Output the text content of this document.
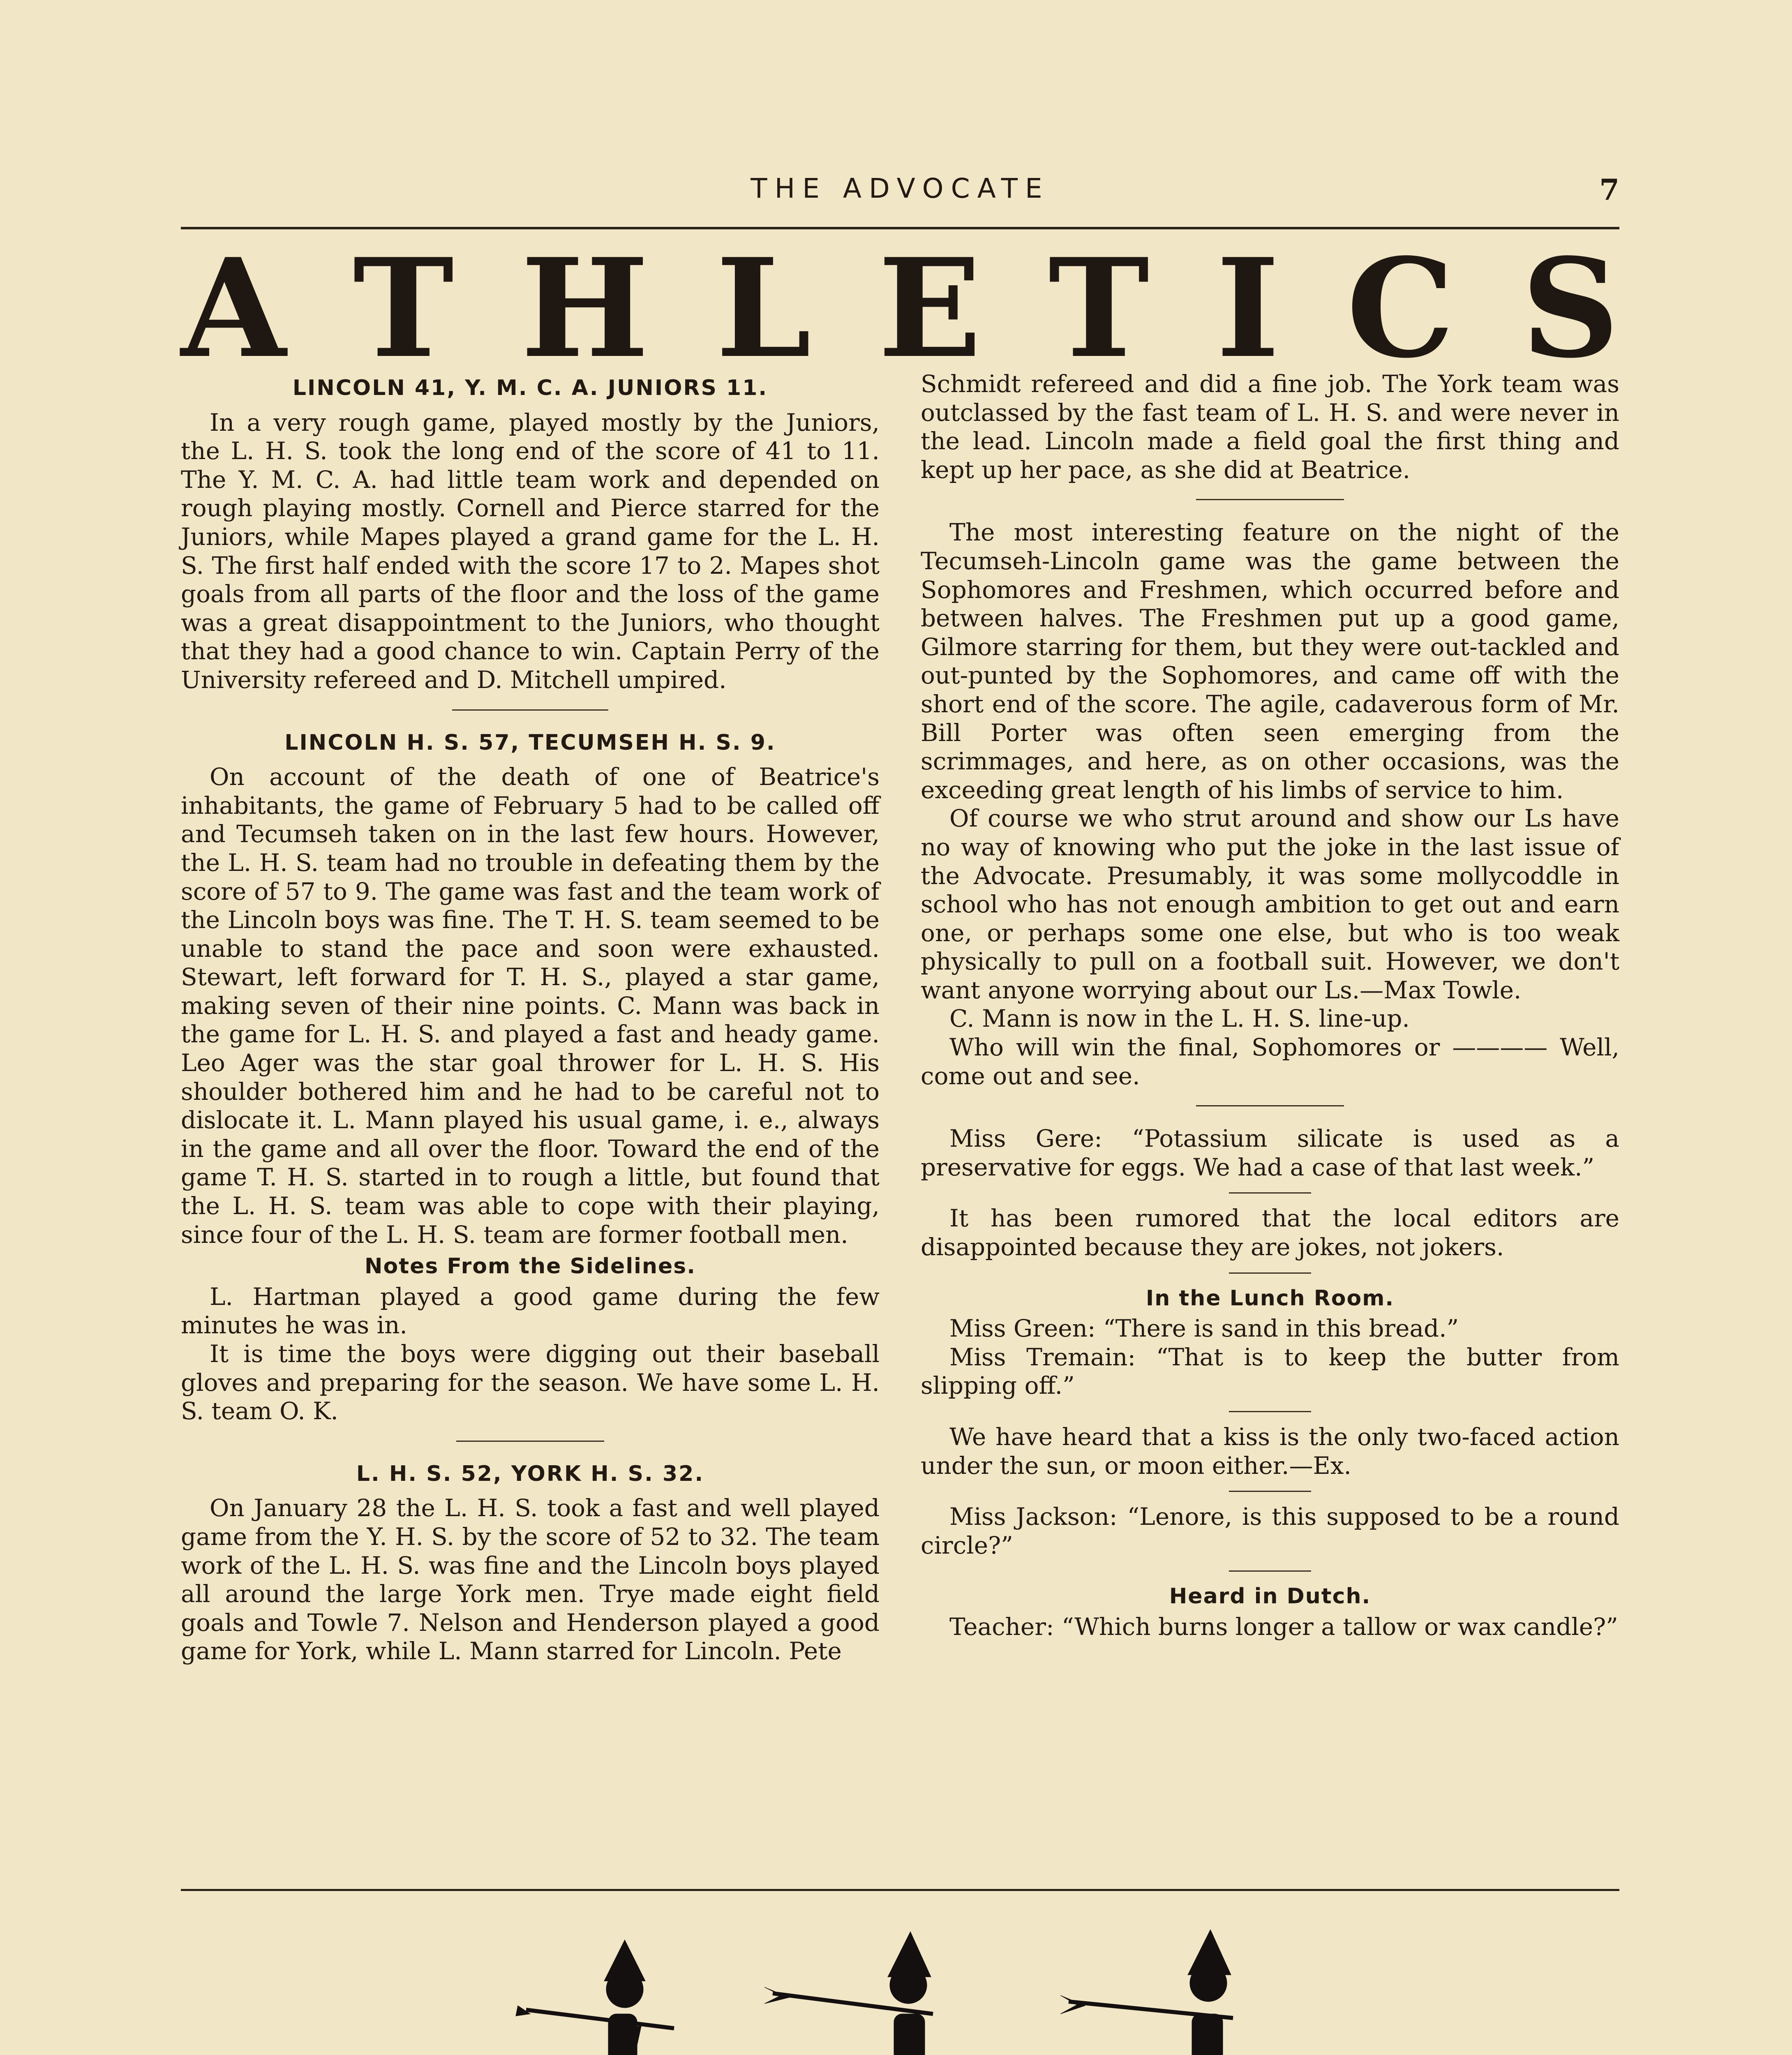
THE ADVOCATE	7
A T H L E T I C S
LINCOLN 41, Y. M. C. A. JUNIORS 11.

In a very rough game, played mostly by the Juniors, the L. H. S. took the long end of the score of 41 to 11. The Y. M. C. A. had little team work and depended on rough playing mostly. Cornell and Pierce starred for the Juniors, while Mapes played a grand game for the L. H. S. The first half ended with the score 17 to 2. Mapes shot goals from all parts of the floor and the loss of the game was a great disappointment to the Juniors, who thought that they had a good chance to win. Captain Perry of the University refereed and D. Mitchell umpired.

LINCOLN H. S. 57, TECUMSEH H. S. 9.

On account of the death of one of Beatrice's inhabitants, the game of February 5 had to be called off and Tecumseh taken on in the last few hours. However, the L. H. S. team had no trouble in defeating them by the score of 57 to 9. The game was fast and the team work of the Lincoln boys was fine. The T. H. S. team seemed to be unable to stand the pace and soon were exhausted. Stewart, left forward for T. H. S., played a star game, making seven of their nine points. C. Mann was back in the game for L. H. S. and played a fast and heady game. Leo Ager was the star goal thrower for L. H. S. His shoulder bothered him and he had to be careful not to dislocate it. L. Mann played his usual game, i. e., always in the game and all over the floor. Toward the end of the game T. H. S. started in to rough a little, but found that the L. H. S. team was able to cope with their playing, since four of the L. H. S. team are former football men.

Notes From the Sidelines.

L. Hartman played a good game during the few minutes he was in.

It is time the boys were digging out their baseball gloves and preparing for the season. We have some L. H. S. team O. K.

L. H. S. 52, YORK H. S. 32.

On January 28 the L. H. S. took a fast and well played game from the Y. H. S. by the score of 52 to 32. The team work of the L. H. S. was fine and the Lincoln boys played all around the large York men. Trye made eight field goals and Towle 7. Nelson and Henderson played a good game for York, while L. Mann starred for Lincoln. Pete

Schmidt refereed and did a fine job. The York team was outclassed by the fast team of L. H. S. and were never in the lead. Lincoln made a field goal the first thing and kept up her pace, as she did at Beatrice.

The most interesting feature on the night of the Tecumseh-Lincoln game was the game between the Sophomores and Freshmen, which occurred before and between halves. The Freshmen put up a good game, Gilmore starring for them, but they were out-tackled and out-punted by the Sophomores, and came off with the short end of the score. The agile, cadaverous form of Mr. Bill Porter was often seen emerging from the scrimmages, and here, as on other occasions, was the exceeding great length of his limbs of service to him.

Of course we who strut around and show our Ls have no way of knowing who put the joke in the last issue of the Advocate. Presumably, it was some mollycoddle in school who has not enough ambition to get out and earn one, or perhaps some one else, but who is too weak physically to pull on a football suit. However, we don't want anyone worrying about our Ls.—Max Towle.

C. Mann is now in the L. H. S. line-up.

Who will win the final, Sophomores or ———— Well, come out and see.

Miss Gere: “Potassium silicate is used as a preservative for eggs. We had a case of that last week.”

It has been rumored that the local editors are disappointed because they are jokes, not jokers.

In the Lunch Room.

Miss Green: “There is sand in this bread.”

Miss Tremain: “That is to keep the butter from slipping off.”

We have heard that a kiss is the only two-faced action under the sun, or moon either.—Ex.

Miss Jackson: “Lenore, is this supposed to be a round circle?”

Heard in Dutch.

Teacher: “Which burns longer a tallow or wax candle?”
